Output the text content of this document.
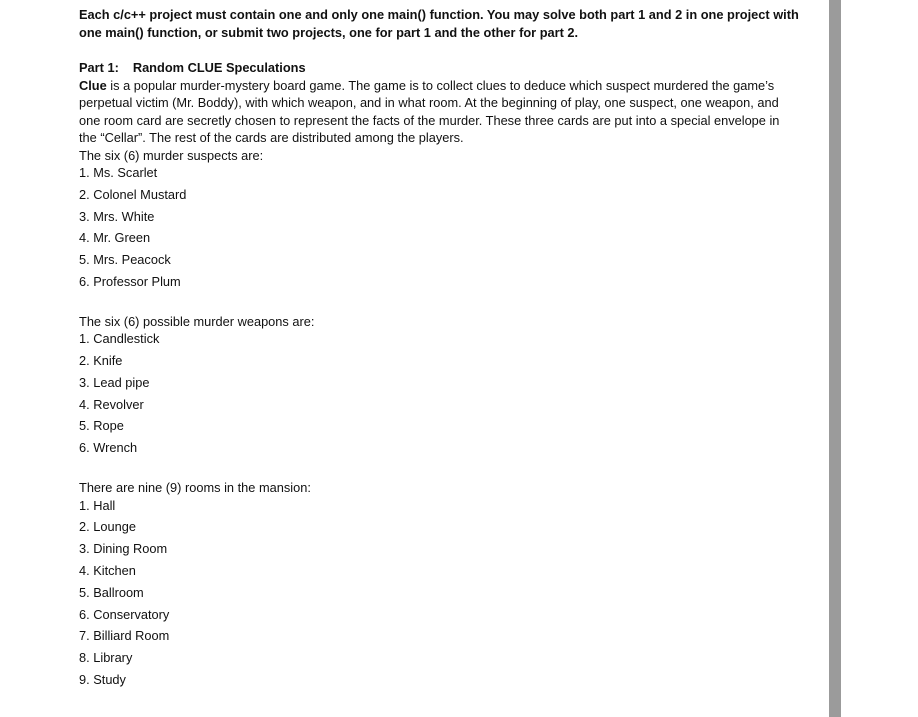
Each c/c++ project must contain one and only one main() function. You may solve both part 1 and 2 in one project with one main() function, or submit two projects, one for part 1 and the other for part 2.

Part 1: Random CLUE Speculations

Clue is a popular murder-mystery board game. The game is to collect clues to deduce which suspect murdered the game’s perpetual victim (Mr. Boddy), with which weapon, and in what room. At the beginning of play, one suspect, one weapon, and one room card are secretly chosen to represent the facts of the murder. These three cards are put into a special envelope in the “Cellar”. The rest of the cards are distributed among the players.

The six (6) murder suspects are:

1. Ms. Scarlet
2. Colonel Mustard
3. Mrs. White
4. Mr. Green
5. Mrs. Peacock
6. Professor Plum

The six (6) possible murder weapons are:

1. Candlestick
2. Knife
3. Lead pipe
4. Revolver
5. Rope
6. Wrench

There are nine (9) rooms in the mansion:

1. Hall
2. Lounge
3. Dining Room
4. Kitchen
5. Ballroom
6. Conservatory
7. Billiard Room
8. Library
9. Study
